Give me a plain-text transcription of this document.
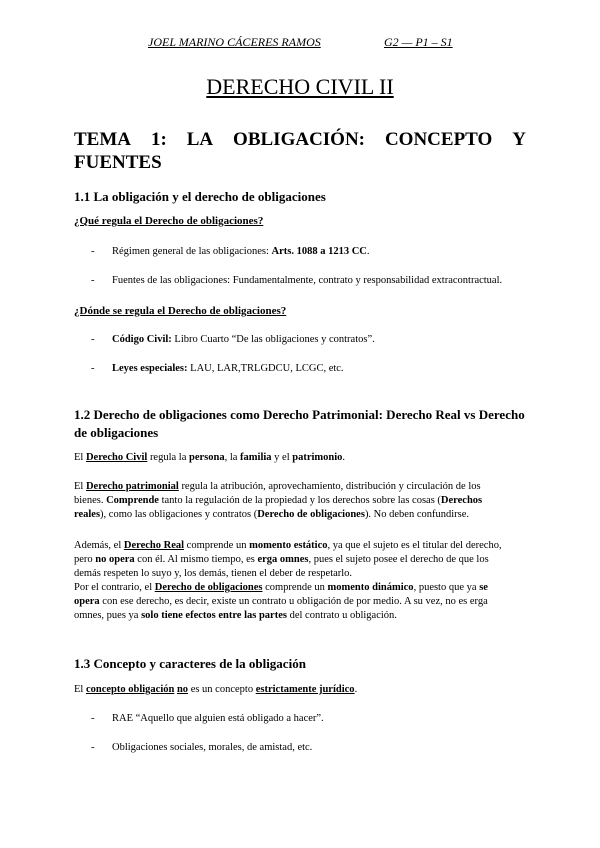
JOEL MARINO CÁCERES RAMOS	G2 — P1 – S1
DERECHO CIVIL II
TEMA 1: LA OBLIGACIÓN: CONCEPTO Y
FUENTES
1.1 La obligación y el derecho de obligaciones
¿Qué regula el Derecho de obligaciones?
- Régimen general de las obligaciones: Arts. 1088 a 1213 CC.
- Fuentes de las obligaciones: Fundamentalmente, contrato y responsabilidad extracontractual.
¿Dónde se regula el Derecho de obligaciones?
- Código Civil: Libro Cuarto “De las obligaciones y contratos”.
- Leyes especiales: LAU, LAR,TRLGDCU, LCGC, etc.
1.2 Derecho de obligaciones como Derecho Patrimonial: Derecho Real vs Derecho
de obligaciones
El Derecho Civil regula la persona, la familia y el patrimonio.
El Derecho patrimonial regula la atribución, aprovechamiento, distribución y circulación de los
bienes. Comprende tanto la regulación de la propiedad y los derechos sobre las cosas (Derechos
reales), como las obligaciones y contratos (Derecho de obligaciones). No deben confundirse.
Además, el Derecho Real comprende un momento estático, ya que el sujeto es el titular del derecho,
pero no opera con él. Al mismo tiempo, es erga omnes, pues el sujeto posee el derecho de que los
demás respeten lo suyo y, los demás, tienen el deber de respetarlo.
Por el contrario, el Derecho de obligaciones comprende un momento dinámico, puesto que ya se
opera con ese derecho, es decir, existe un contrato u obligación de por medio. A su vez, no es erga
omnes, pues ya solo tiene efectos entre las partes del contrato u obligación.
1.3 Concepto y caracteres de la obligación
El concepto obligación no es un concepto estrictamente jurídico.
- RAE “Aquello que alguien está obligado a hacer”.
- Obligaciones sociales, morales, de amistad, etc.
